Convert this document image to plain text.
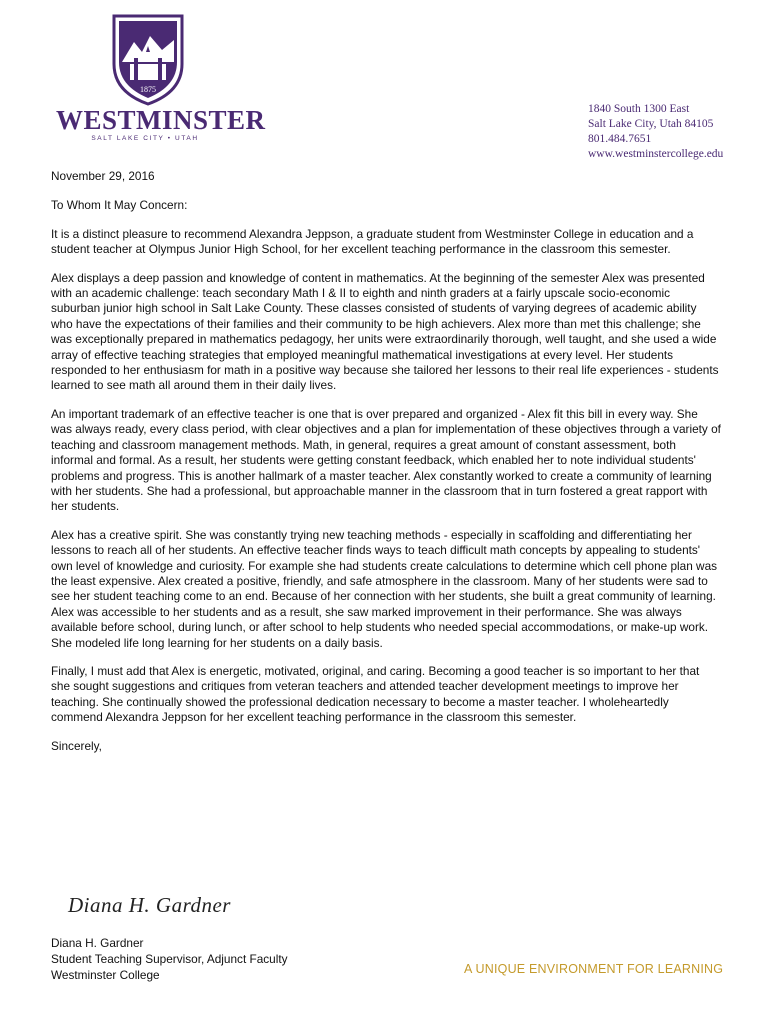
1875
WESTMINSTER
SALT LAKE CITY • UTAH
1840 South 1300 East
Salt Lake City, Utah 84105
801.484.7651
www.westminstercollege.edu

November 29, 2016

To Whom It May Concern:

It is a distinct pleasure to recommend Alexandra Jeppson, a graduate student from Westminster College in education and a student teacher at Olympus Junior High School, for her excellent teaching performance in the classroom this semester.

Alex displays a deep passion and knowledge of content in mathematics. At the beginning of the semester Alex was presented with an academic challenge: teach secondary Math I & II to eighth and ninth graders at a fairly upscale socio-economic suburban junior high school in Salt Lake County. These classes consisted of students of varying degrees of academic ability who have the expectations of their families and their community to be high achievers. Alex more than met this challenge; she was exceptionally prepared in mathematics pedagogy, her units were extraordinarily thorough, well taught, and she used a wide array of effective teaching strategies that employed meaningful mathematical investigations at every level. Her students responded to her enthusiasm for math in a positive way because she tailored her lessons to their real life experiences - students learned to see math all around them in their daily lives.

An important trademark of an effective teacher is one that is over prepared and organized - Alex fit this bill in every way. She was always ready, every class period, with clear objectives and a plan for implementation of these objectives through a variety of teaching and classroom management methods. Math, in general, requires a great amount of constant assessment, both informal and formal. As a result, her students were getting constant feedback, which enabled her to note individual students' problems and progress. This is another hallmark of a master teacher. Alex constantly worked to create a community of learning with her students. She had a professional, but approachable manner in the classroom that in turn fostered a great rapport with her students.

Alex has a creative spirit. She was constantly trying new teaching methods - especially in scaffolding and differentiating her lessons to reach all of her students. An effective teacher finds ways to teach difficult math concepts by appealing to students' own level of knowledge and curiosity. For example she had students create calculations to determine which cell phone plan was the least expensive. Alex created a positive, friendly, and safe atmosphere in the classroom. Many of her students were sad to see her student teaching come to an end. Because of her connection with her students, she built a great community of learning. Alex was accessible to her students and as a result, she saw marked improvement in their performance. She was always available before school, during lunch, or after school to help students who needed special accommodations, or make-up work. She modeled life long learning for her students on a daily basis.

Finally, I must add that Alex is energetic, motivated, original, and caring. Becoming a good teacher is so important to her that she sought suggestions and critiques from veteran teachers and attended teacher development meetings to improve her teaching. She continually showed the professional dedication necessary to become a master teacher. I wholeheartedly commend Alexandra Jeppson for her excellent teaching performance in the classroom this semester.

Sincerely,

Diana H. Gardner
Diana H. Gardner
Student Teaching Supervisor, Adjunct Faculty
Westminster College	A UNIQUE ENVIRONMENT FOR LEARNING
